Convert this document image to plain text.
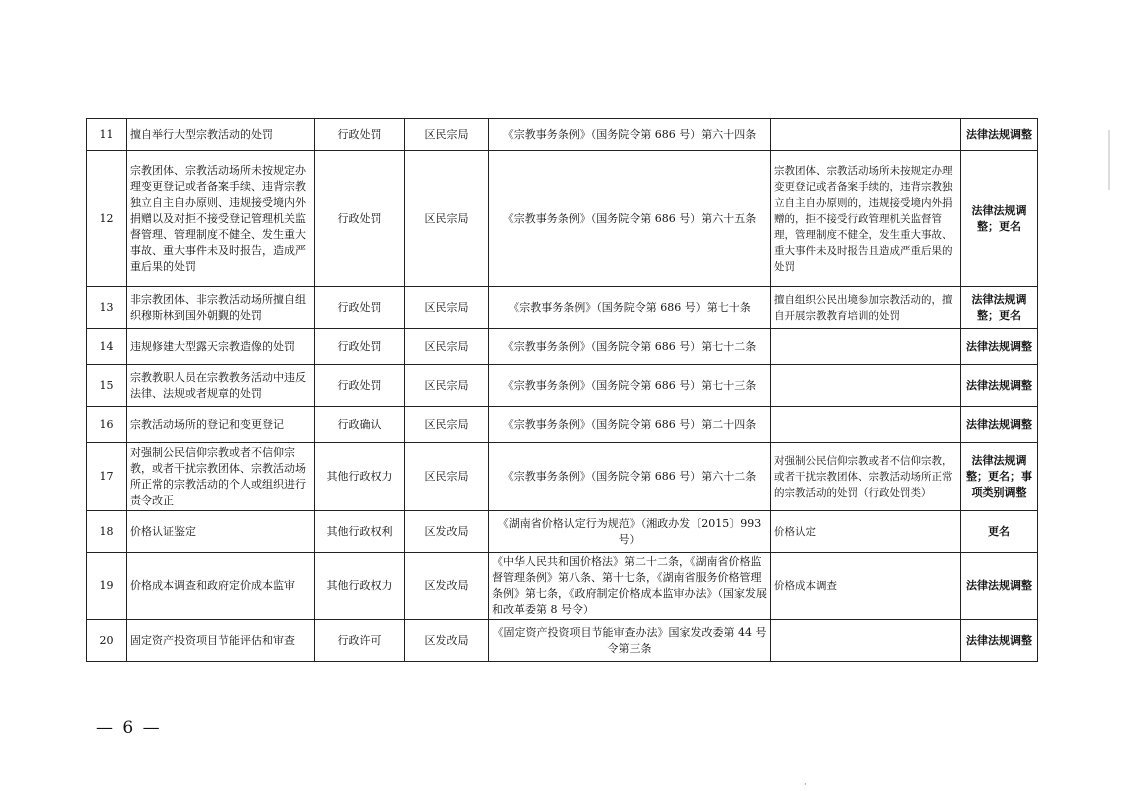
11	擅自举行大型宗教活动的处罚	行政处罚	区民宗局	《宗教事务条例》（国务院令第 686 号）第六十四条		法律法规调整
12	宗教团体、宗教活动场所未按规定办理变更登记或者备案手续、违背宗教独立自主自办原则、违规接受境内外捐赠以及对拒不接受登记管理机关监督管理、管理制度不健全、发生重大事故、重大事件未及时报告，造成严重后果的处罚	行政处罚	区民宗局	《宗教事务条例》（国务院令第 686 号）第六十五条	宗教团体、宗教活动场所未按规定办理变更登记或者备案手续的，违背宗教独立自主自办原则的，违规接受境内外捐赠的，拒不接受行政管理机关监督管理，管理制度不健全，发生重大事故、重大事件未及时报告且造成严重后果的处罚	法律法规调整；更名
13	非宗教团体、非宗教活动场所擅自组织穆斯林到国外朝觐的处罚	行政处罚	区民宗局	《宗教事务条例》（国务院令第 686 号）第七十条	擅自组织公民出境参加宗教活动的，擅自开展宗教教育培训的处罚	法律法规调整；更名
14	违规修建大型露天宗教造像的处罚	行政处罚	区民宗局	《宗教事务条例》（国务院令第 686 号）第七十二条		法律法规调整
15	宗教教职人员在宗教教务活动中违反法律、法规或者规章的处罚	行政处罚	区民宗局	《宗教事务条例》（国务院令第 686 号）第七十三条		法律法规调整
16	宗教活动场所的登记和变更登记	行政确认	区民宗局	《宗教事务条例》（国务院令第 686 号）第二十四条		法律法规调整
17	对强制公民信仰宗教或者不信仰宗教，或者干扰宗教团体、宗教活动场所正常的宗教活动的个人或组织进行责令改正	其他行政权力	区民宗局	《宗教事务条例》（国务院令第 686 号）第六十二条	对强制公民信仰宗教或者不信仰宗教，或者干扰宗教团体、宗教活动场所正常的宗教活动的处罚（行政处罚类）	法律法规调整；更名；事项类别调整
18	价格认证鉴定	其他行政权利	区发改局	《湖南省价格认定行为规范》（湘政办发〔2015〕993 号）	价格认定	更名
19	价格成本调查和政府定价成本监审	其他行政权力	区发改局	《中华人民共和国价格法》第二十二条，《湖南省价格监督管理条例》第八条、第十七条，《湖南省服务价格管理条例》第七条，《政府制定价格成本监审办法》（国家发展和改革委第 8 号令）	价格成本调查	法律法规调整
20	固定资产投资项目节能评估和审查	行政许可	区发改局	《固定资产投资项目节能审查办法》国家发改委第 44 号令第三条		法律法规调整
— 6 —
·
